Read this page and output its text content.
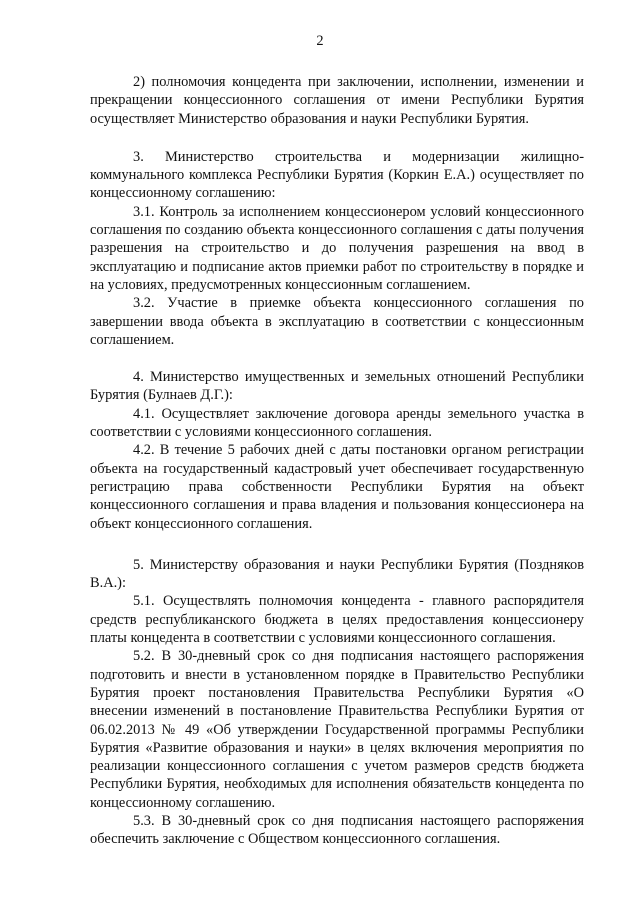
2

2) полномочия концедента при заключении, исполнении, изменении и прекращении концессионного соглашения от имени Республики Бурятия осуществляет Министерство образования и науки Республики Бурятия.

3. Министерство строительства и модернизации жилищно-коммунального комплекса Республики Бурятия (Коркин Е.А.) осуществляет по концессионному соглашению:

3.1. Контроль за исполнением концессионером условий концессионного соглашения по созданию объекта концессионного соглашения с даты получения разрешения на строительство и до получения разрешения на ввод в эксплуатацию и подписание актов приемки работ по строительству в порядке и на условиях, предусмотренных концессионным соглашением.

3.2. Участие в приемке объекта концессионного соглашения по завершении ввода объекта в эксплуатацию в соответствии с концессионным соглашением.

4. Министерство имущественных и земельных отношений Республики Бурятия (Булнаев Д.Г.):

4.1. Осуществляет заключение договора аренды земельного участка в соответствии с условиями концессионного соглашения.

4.2. В течение 5 рабочих дней с даты постановки органом регистрации объекта на государственный кадастровый учет обеспечивает государственную регистрацию права собственности Республики Бурятия на объект концессионного соглашения и права владения и пользования концессионера на объект концессионного соглашения.

5. Министерству образования и науки Республики Бурятия (Поздняков В.А.):

5.1. Осуществлять полномочия концедента - главного распорядителя средств республиканского бюджета в целях предоставления концессионеру платы концедента в соответствии с условиями концессионного соглашения.

5.2. В 30-дневный срок со дня подписания настоящего распоряжения подготовить и внести в установленном порядке в Правительство Республики Бурятия проект постановления Правительства Республики Бурятия «О внесении изменений в постановление Правительства Республики Бурятия от 06.02.2013 № 49 «Об утверждении Государственной программы Республики Бурятия «Развитие образования и науки» в целях включения мероприятия по реализации концессионного соглашения с учетом размеров средств бюджета Республики Бурятия, необходимых для исполнения обязательств концедента по концессионному соглашению.

5.3. В 30-дневный срок со дня подписания настоящего распоряжения обеспечить заключение с Обществом концессионного соглашения.
